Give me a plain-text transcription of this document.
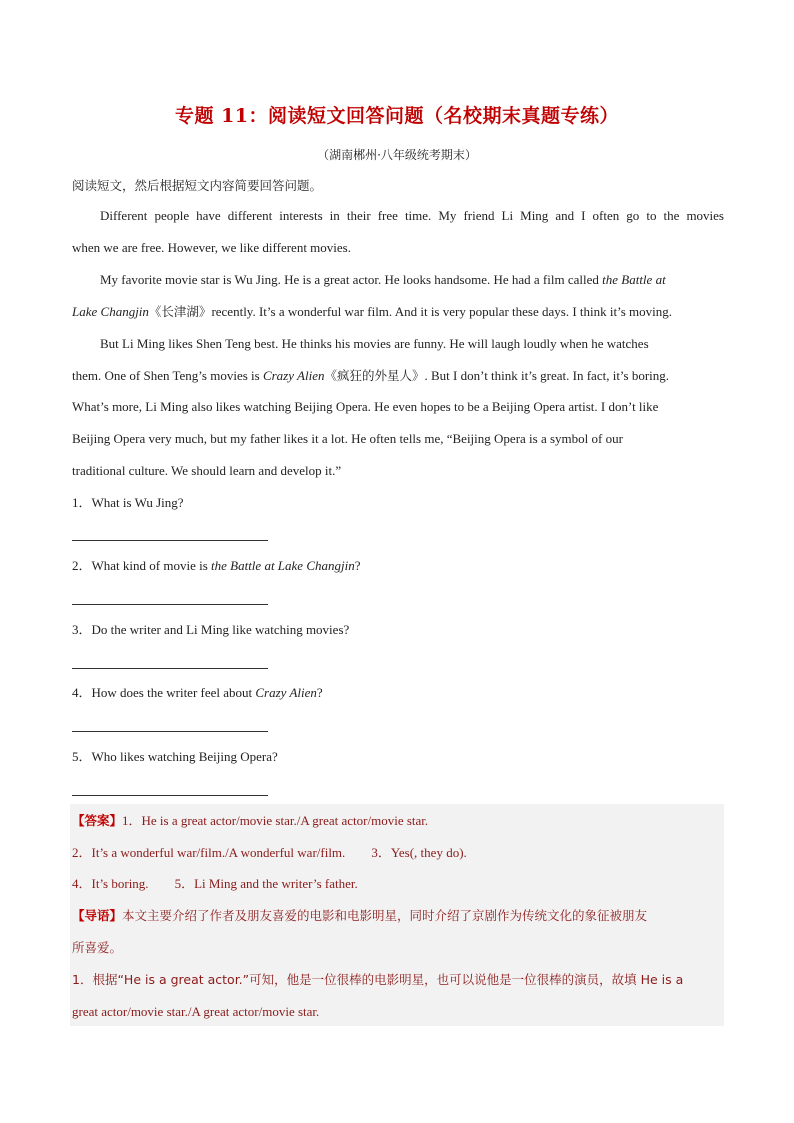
专题 11：阅读短文回答问题（名校期末真题专练）
（湖南郴州·八年级统考期末）
阅读短文，然后根据短文内容简要回答问题。
Different people have different interests in their free time. My friend Li Ming and I often go to the movies
when we are free. However, we like different movies.
My favorite movie star is Wu Jing. He is a great actor. He looks handsome. He had a film called the Battle at
Lake Changjin《长津湖》recently. It’s a wonderful war film. And it is very popular these days. I think it’s moving.
But Li Ming likes Shen Teng best. He thinks his movies are funny. He will laugh loudly when he watches
them. One of Shen Teng’s movies is Crazy Alien《疯狂的外星人》. But I don’t think it’s great. In fact, it’s boring.
What’s more, Li Ming also likes watching Beijing Opera. He even hopes to be a Beijing Opera artist. I don’t like
Beijing Opera very much, but my father likes it a lot. He often tells me, “Beijing Opera is a symbol of our
traditional culture. We should learn and develop it.”
1．What is Wu Jing?
2．What kind of movie is the Battle at Lake Changjin?
3．Do the writer and Li Ming like watching movies?
4．How does the writer feel about Crazy Alien?
5．Who likes watching Beijing Opera?
【答案】1．He is a great actor/movie star./A great actor/movie star.
2．It’s a wonderful war/film./A wonderful war/film. 3．Yes(, they do).
4．It’s boring. 5．Li Ming and the writer’s father.
【导语】本文主要介绍了作者及朋友喜爱的电影和电影明星，同时介绍了京剧作为传统文化的象征被朋友
所喜爱。
1．根据“He is a great actor.”可知，他是一位很棒的电影明星，也可以说他是一位很棒的演员，故填 He is a
great actor/movie star./A great actor/movie star.
